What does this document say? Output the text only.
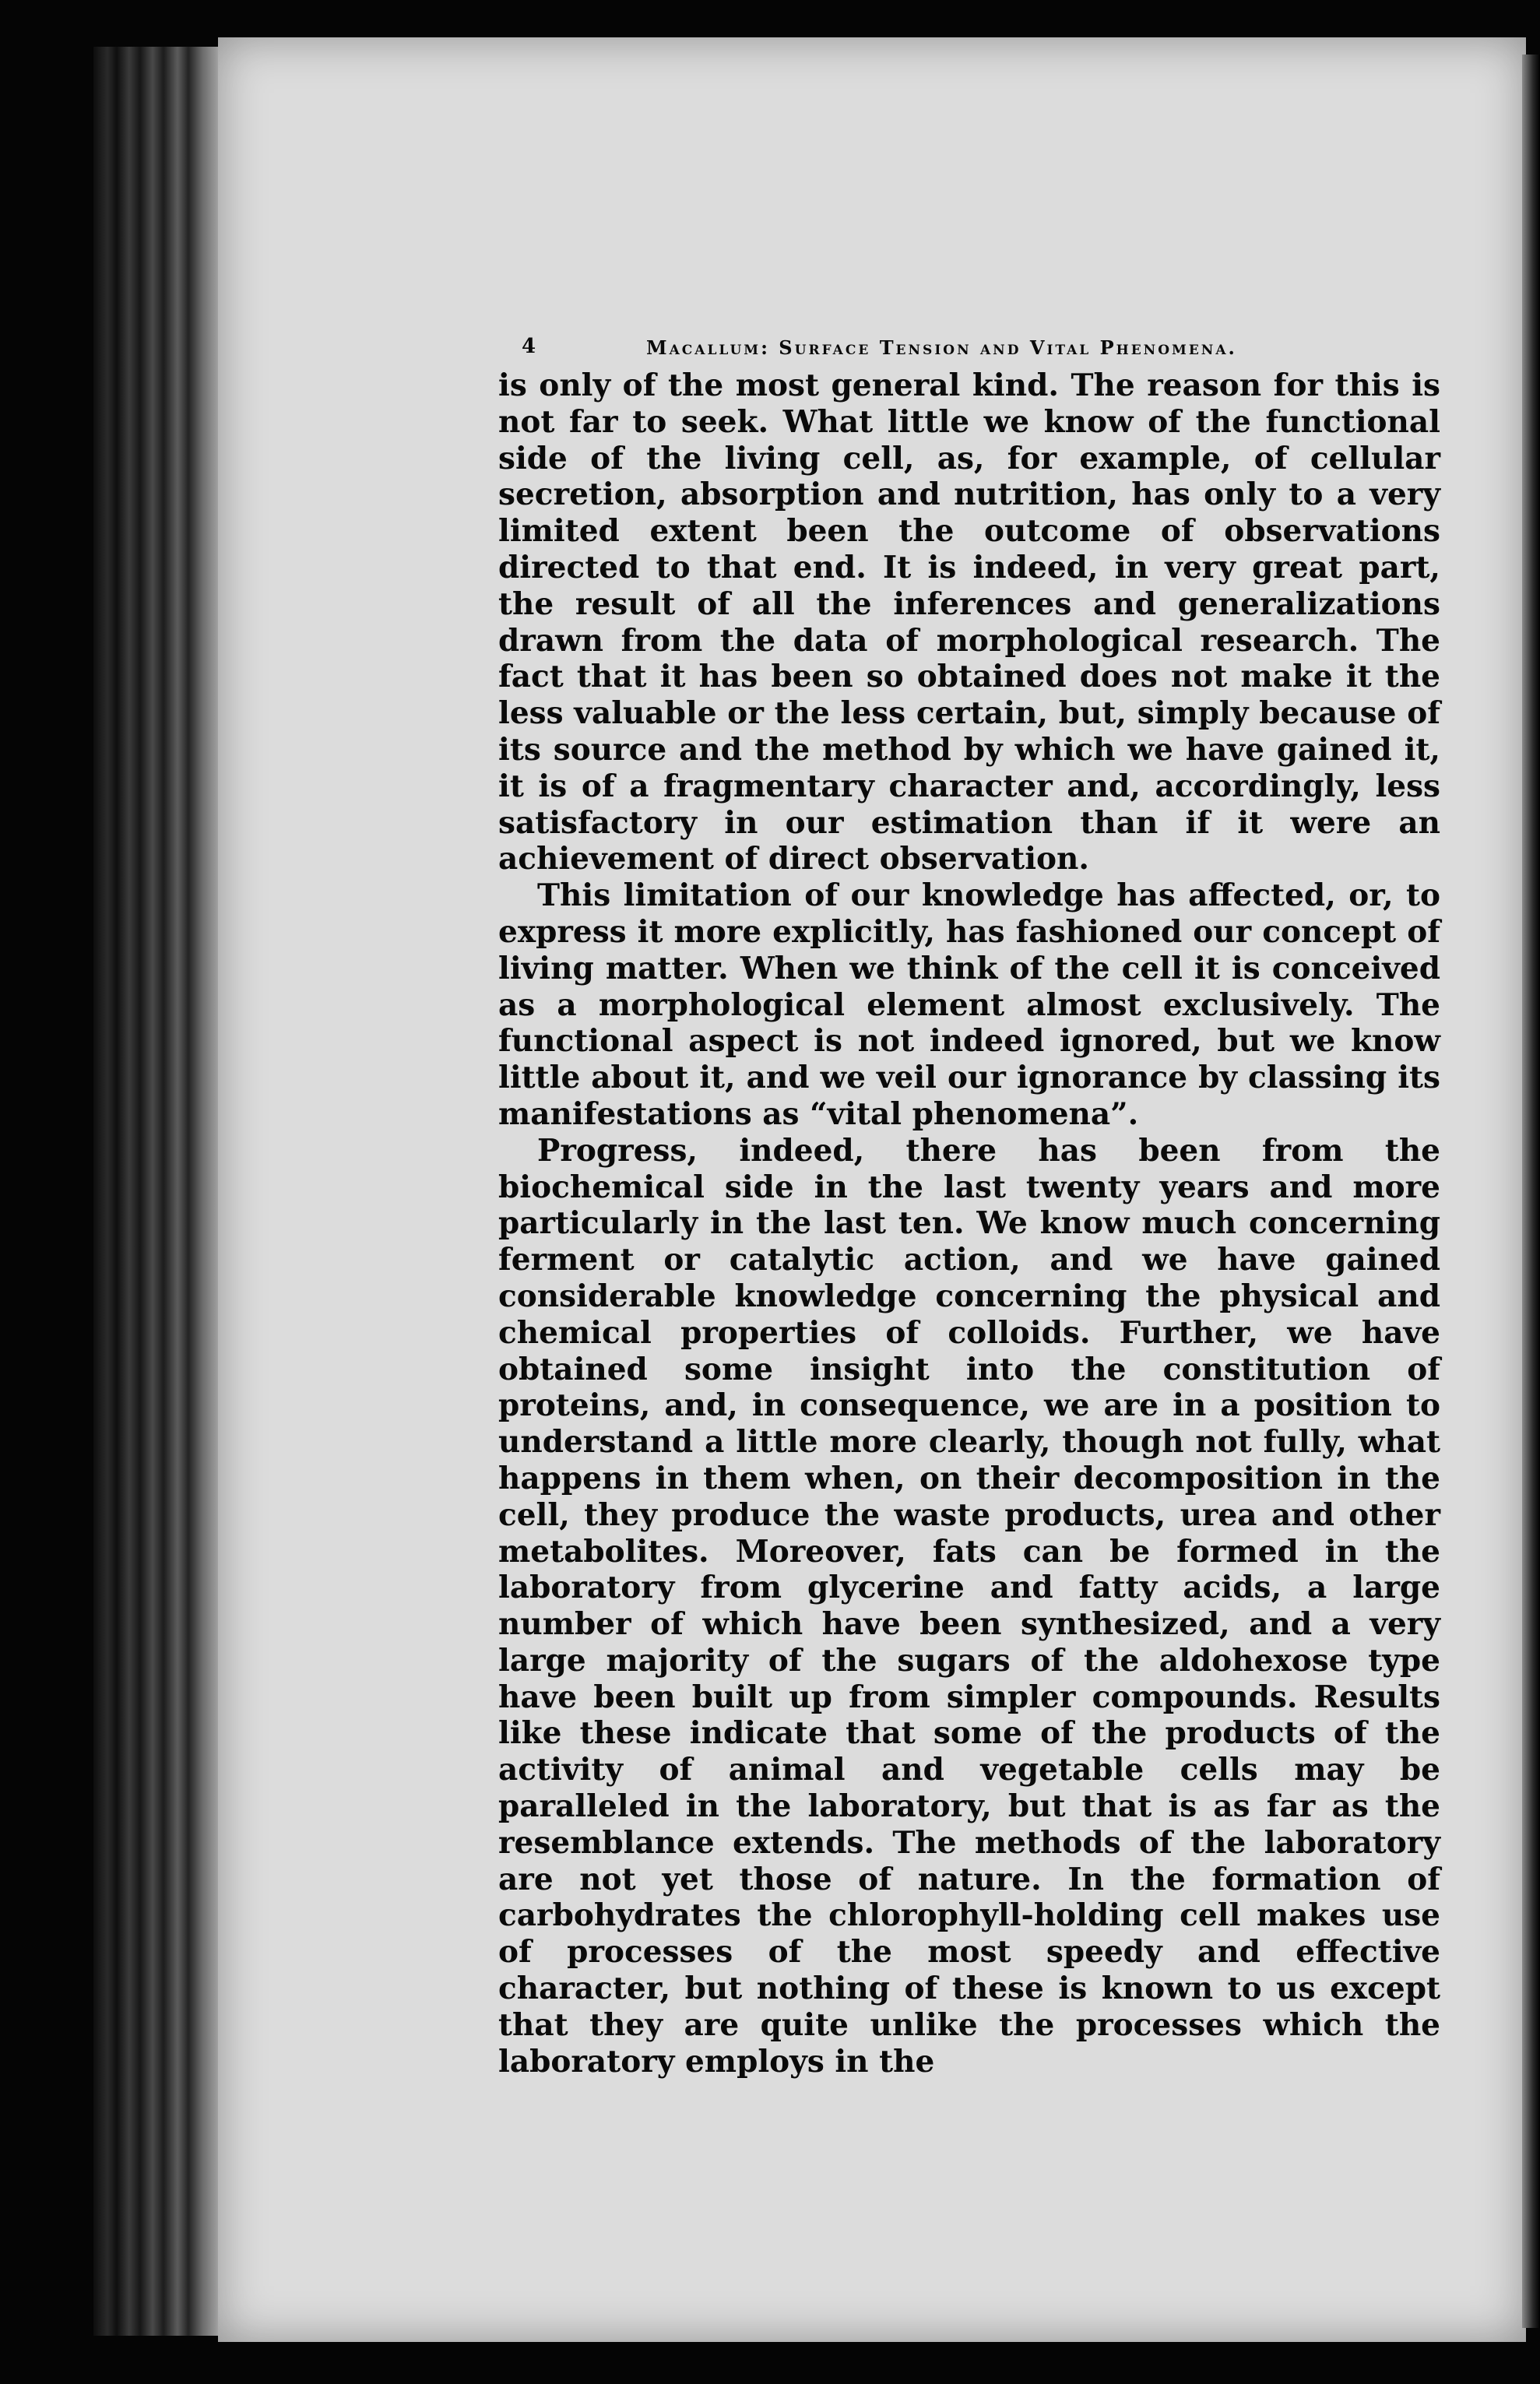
4	Macallum: Surface Tension and Vital Phenomena.

is only of the most general kind. The reason for this is not far to seek. What little we know of the functional side of the living cell, as, for example, of cellular secretion, absorption and nutrition, has only to a very limited extent been the outcome of observations directed to that end. It is indeed, in very great part, the result of all the inferences and generalizations drawn from the data of morphological research. The fact that it has been so obtained does not make it the less valuable or the less certain, but, simply because of its source and the method by which we have gained it, it is of a fragmentary character and, accordingly, less satisfactory in our estimation than if it were an achievement of direct observation.

This limitation of our knowledge has affected, or, to express it more explicitly, has fashioned our concept of living matter. When we think of the cell it is conceived as a morphological element almost exclusively. The functional aspect is not indeed ignored, but we know little about it, and we veil our ignorance by classing its manifestations as “vital phenomena”.

Progress, indeed, there has been from the biochemical side in the last twenty years and more particularly in the last ten. We know much concerning ferment or catalytic action, and we have gained considerable knowledge concerning the physical and chemical properties of colloids. Further, we have obtained some insight into the constitution of proteins, and, in consequence, we are in a position to understand a little more clearly, though not fully, what happens in them when, on their decomposition in the cell, they produce the waste products, urea and other metabolites. Moreover, fats can be formed in the laboratory from glycerine and fatty acids, a large number of which have been synthesized, and a very large majority of the sugars of the aldohexose type have been built up from simpler compounds. Results like these indicate that some of the products of the activity of animal and vegetable cells may be paralleled in the laboratory, but that is as far as the resemblance extends. The methods of the laboratory are not yet those of nature. In the formation of carbohydrates the chlorophyll-holding cell makes use of processes of the most speedy and effective character, but nothing of these is known to us except that they are quite unlike the processes which the laboratory employs in the
